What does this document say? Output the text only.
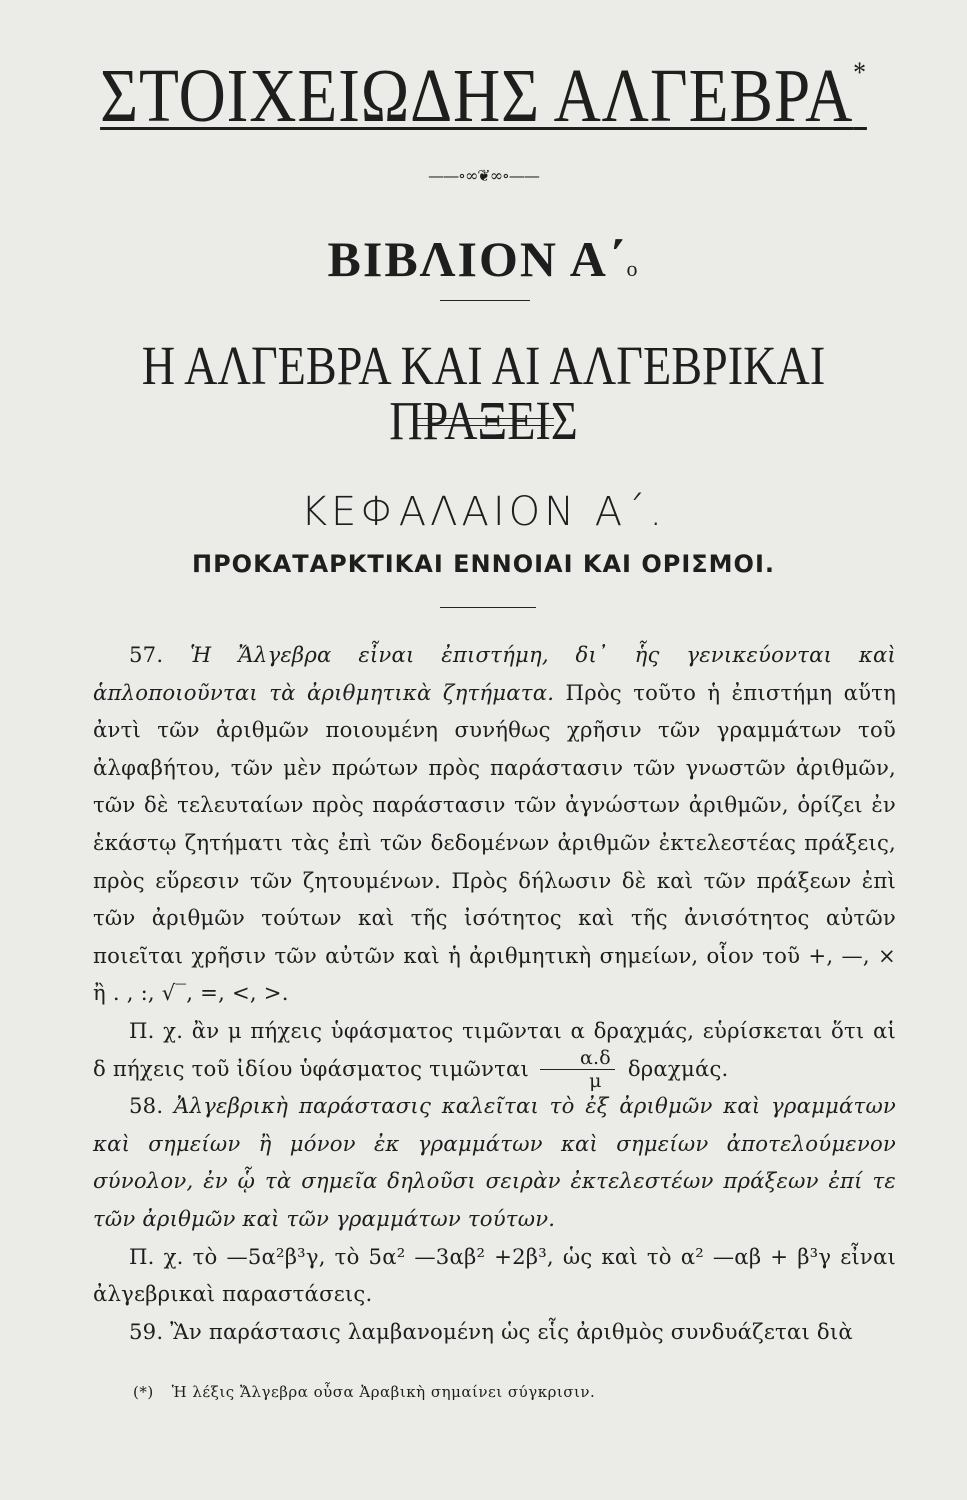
ΣΤΟΙΧΕΙΩΔΗΣ ΑΛΓΕΒΡΑ*
——∘∞❦∞∘——
ΒΙΒΛΙΟΝ Α΄o
Η ΑΛΓΕΒΡΑ ΚΑΙ ΑΙ ΑΛΓΕΒΡΙΚΑΙ ΠΡΑΞΕΙΣ
ΚΕΦΑΛΑΙΟΝ Α΄.
ΠΡΟΚΑΤΑΡΚΤΙΚΑΙ ΕΝΝΟΙΑΙ ΚΑΙ ΟΡΙΣΜΟΙ.

57. Ἡ Ἄλγεβρα εἶναι ἐπιστήμη, δι᾽ ἧς γενικεύονται καὶ ἁπλοποιοῦνται τὰ ἀριθμητικὰ ζητήματα. Πρὸς τοῦτο ἡ ἐπιστήμη αὕτη ἀντὶ τῶν ἀριθμῶν ποιουμένη συνήθως χρῆσιν τῶν γραμμάτων τοῦ ἀλφαβήτου, τῶν μὲν πρώτων πρὸς παράστασιν τῶν γνωστῶν ἀριθμῶν, τῶν δὲ τελευταίων πρὸς παράστασιν τῶν ἀγνώστων ἀριθμῶν, ὁρίζει ἐν ἑκάστῳ ζητήματι τὰς ἐπὶ τῶν δεδομένων ἀριθμῶν ἐκτελεστέας πράξεις, πρὸς εὕρεσιν τῶν ζητουμένων. Πρὸς δήλωσιν δὲ καὶ τῶν πράξεων ἐπὶ τῶν ἀριθμῶν τούτων καὶ τῆς ἰσότητος καὶ τῆς ἀνισότητος αὐτῶν ποιεῖται χρῆσιν τῶν αὐτῶν καὶ ἡ ἀριθμητικὴ σημείων, οἷον τοῦ +, —, × ἢ . , :, √‾, =, <, >.

Π. χ. ἂν μ πήχεις ὑφάσματος τιμῶνται α δραχμάς, εὑρίσκεται ὅτι αἱ δ πήχεις τοῦ ἰδίου ὑφάσματος τιμῶνται $\frac{\alpha.\delta}{\mu} \delta\rho\alpha\chi\mu ά\varsigma$.

58. Ἀλγεβρικὴ παράστασις καλεῖται τὸ ἐξ ἀριθμῶν καὶ γραμμάτων καὶ σημείων ἢ μόνον ἐκ γραμμάτων καὶ σημείων ἀποτελούμενον σύνολον, ἐν ᾧ τὰ σημεῖα δηλοῦσι σειρὰν ἐκτελεστέων πράξεων ἐπί τε τῶν ἀριθμῶν καὶ τῶν γραμμάτων τούτων.

Π. χ. τὸ —5α²β³γ, τὸ 5α² —3αβ² +2β³, ὡς καὶ τὸ α² —αβ + β³γ εἶναι ἀλγεβρικαὶ παραστάσεις.

59. Ἂν παράστασις λαμβανομένη ὡς εἷς ἀριθμὸς συνδυάζεται διὰ

(*) Ἡ λέξις Ἄλγεβρα οὖσα Ἀραβικὴ σημαίνει σύγκρισιν.
